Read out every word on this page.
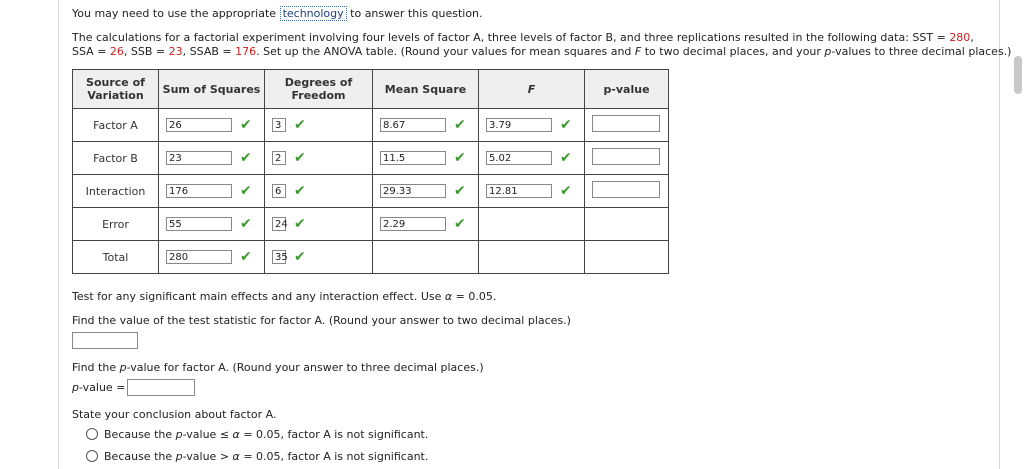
You may need to use the appropriate technology to answer this question.
The calculations for a factorial experiment involving four levels of factor A, three levels of factor B, and three replications resulted in the following data: SST = 280,
SSA = 26, SSB = 23, SSAB = 176. Set up the ANOVA table. (Round your values for mean squares and F to two decimal places, and your p-values to three decimal places.)
Source of Variation	Sum of Squares	Degrees of Freedom	Mean Square	F	p-value
Factor A	26 ✔	3 ✔	8.67 ✔	3.79 ✔	

Factor B	23 ✔	2 ✔	11.5 ✔	5.02 ✔	

Interaction	176 ✔	6 ✔	29.33 ✔	12.81 ✔	

Error	55 ✔	24 ✔	2.29 ✔		

Total	280 ✔	35 ✔			

Test for any significant main effects and any interaction effect. Use α = 0.05.
Find the value of the test statistic for factor A. (Round your answer to two decimal places.)
Find the p-value for factor A. (Round your answer to three decimal places.)
p-value =
State your conclusion about factor A.
Because the p-value ≤ α = 0.05, factor A is not significant.
Because the p-value > α = 0.05, factor A is not significant.
